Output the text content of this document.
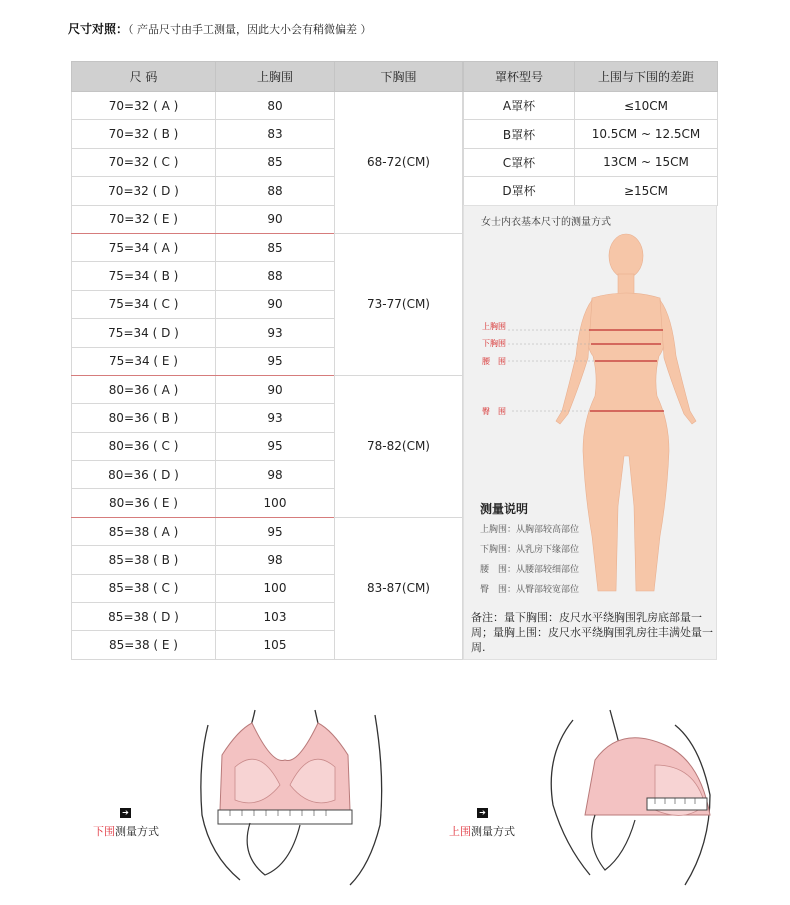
尺寸对照：（ 产品尺寸由手工测量，因此大小会有稍微偏差 ）
尺 码	上胸围	下胸围
70=32 ( A )	80	68-72(CM)
70=32 ( B )	83	
70=32 ( C )	85	
70=32 ( D )	88	
70=32 ( E )	90	
75=34 ( A )	85	73-77(CM)
75=34 ( B )	88	
75=34 ( C )	90	
75=34 ( D )	93	
75=34 ( E )	95	
80=36 ( A )	90	78-82(CM)
80=36 ( B )	93	
80=36 ( C )	95	
80=36 ( D )	98	
80=36 ( E )	100	
85=38 ( A )	95	83-87(CM)
85=38 ( B )	98	
85=38 ( C )	100	
85=38 ( D )	103	
85=38 ( E )	105	
罩杯型号	上围与下围的差距
A罩杯	≤10CM
B罩杯	10.5CM ~ 12.5CM
C罩杯	13CM ~ 15CM
D罩杯	≥15CM
女士内衣基本尺寸的测量方式
上胸围
下胸围
腰　围
臀　围
测量说明
上胸围：从胸部较高部位
下胸围：从乳房下缘部位
腰　围：从腰部较细部位
臀　围：从臀部较宽部位
备注：量下胸围：皮尺水平绕胸围乳房底部量一周；量胸上围：皮尺水平绕胸围乳房往丰满处量一周.
➔
下围测量方式
➔
上围测量方式
